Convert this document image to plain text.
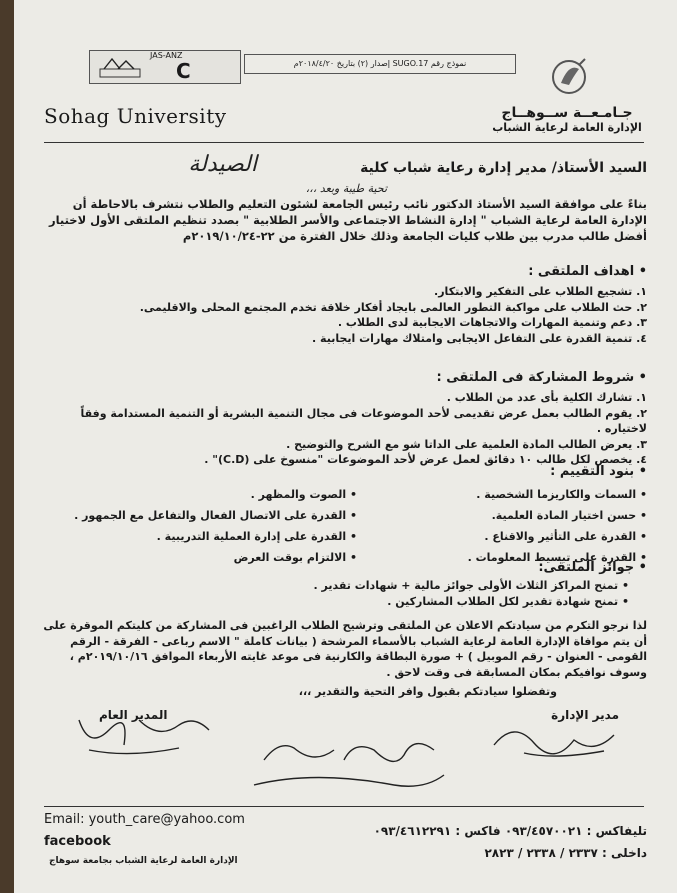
JAS-ANZ
C	نموذج رقم SUGO.17 إصدار (٢) بتاريخ ٢٠١٨/٤/٢٠م
Sohag University	جـامـعــة ســوهــاج
الإدارة العامة لرعاية الشباب
السيد الأستاذ/ مدير إدارة رعاية شباب كلية
الصيدلة
تحية طيبة وبعد ،،،
بناءً على موافقة السيد الأستاذ الدكتور نائب رئيس الجامعة لشئون التعليم والطلاب نتشرف بالاحاطة أن الإدارة العامة لرعاية الشباب " إدارة النشاط الاجتماعى والأسر الطلابية " بصدد تنظيم الملتقى الأول لاختيار أفضل طالب مدرب بين طلاب كليات الجامعة وذلك خلال الفترة من ٢٢-٢٠١٩/١٠/٢٤م
• اهداف الملتقى :
١. تشجيع الطلاب على التفكير والابتكار.
٢. حث الطلاب على مواكبة التطور العالمى بايجاد أفكار خلاقة تخدم المجتمع المحلى والاقليمى.
٣. دعم وتنمية المهارات والاتجاهات الايجابية لدى الطلاب .
٤. تنمية القدرة على التفاعل الايجابى وامتلاك مهارات ايجابية .
• شروط المشاركة فى الملتقى :
١. تشارك الكلية بأى عدد من الطلاب .
٢. يقوم الطالب بعمل عرض تقديمى لأحد الموضوعات فى مجال التنمية البشرية أو التنمية المستدامة وفقاً لاختياره .
٣. يعرض الطالب المادة العلمية على الداتا شو مع الشرح والتوضيح .
٤. يخصص لكل طالب ١٠ دقائق لعمل عرض لأحد الموضوعات "منسوخ على (C.D)" .
• بنود التقييم :
• السمات والكاريزما الشخصية .
• حسن اختيار المادة العلمية.
• القدرة على التأثير والاقناع .
• القدرة على تبسيط المعلومات .
• الصوت والمظهر .
• القدرة على الاتصال الفعال والتفاعل مع الجمهور .
• القدرة على إدارة العملية التدريبية .
• الالتزام بوقت العرض
• جوائز الملتقى:
• تمنح المراكز الثلاث الأولى جوائز مالية + شهادات تقدير .
• تمنح شهادة تقدير لكل الطلاب المشاركين .
لذا نرجو التكرم من سيادتكم الاعلان عن الملتقى وترشيح الطلاب الراغبين فى المشاركة من كليتكم الموقرة على أن يتم موافاة الإدارة العامة لرعاية الشباب بالأسماء المرشحة ( بيانات كاملة " الاسم رباعى - الفرقة - الرقم القومى - العنوان - رقم الموبيل ) + صورة البطاقة والكارنية فى موعد غايته الأربعاء الموافق ٢٠١٩/١٠/١٦م ، وسوف نوافيكم بمكان المسابقة فى وقت لاحق .
وتفضلوا سيادتكم بقبول وافر التحية والتقدير ،،،
مدير الإدارة
المدير العام
Email: youth_care@yahoo.com
facebook
الإدارة العامة لرعاية الشباب بجامعة سوهاج
تليفاكس : ٠٩٣/٤٥٧٠٠٢١ فاكس : ٠٩٣/٤٦١٢٢٩١
داخلى : ٢٣٣٧ / ٢٣٣٨ / ٢٨٢٣
